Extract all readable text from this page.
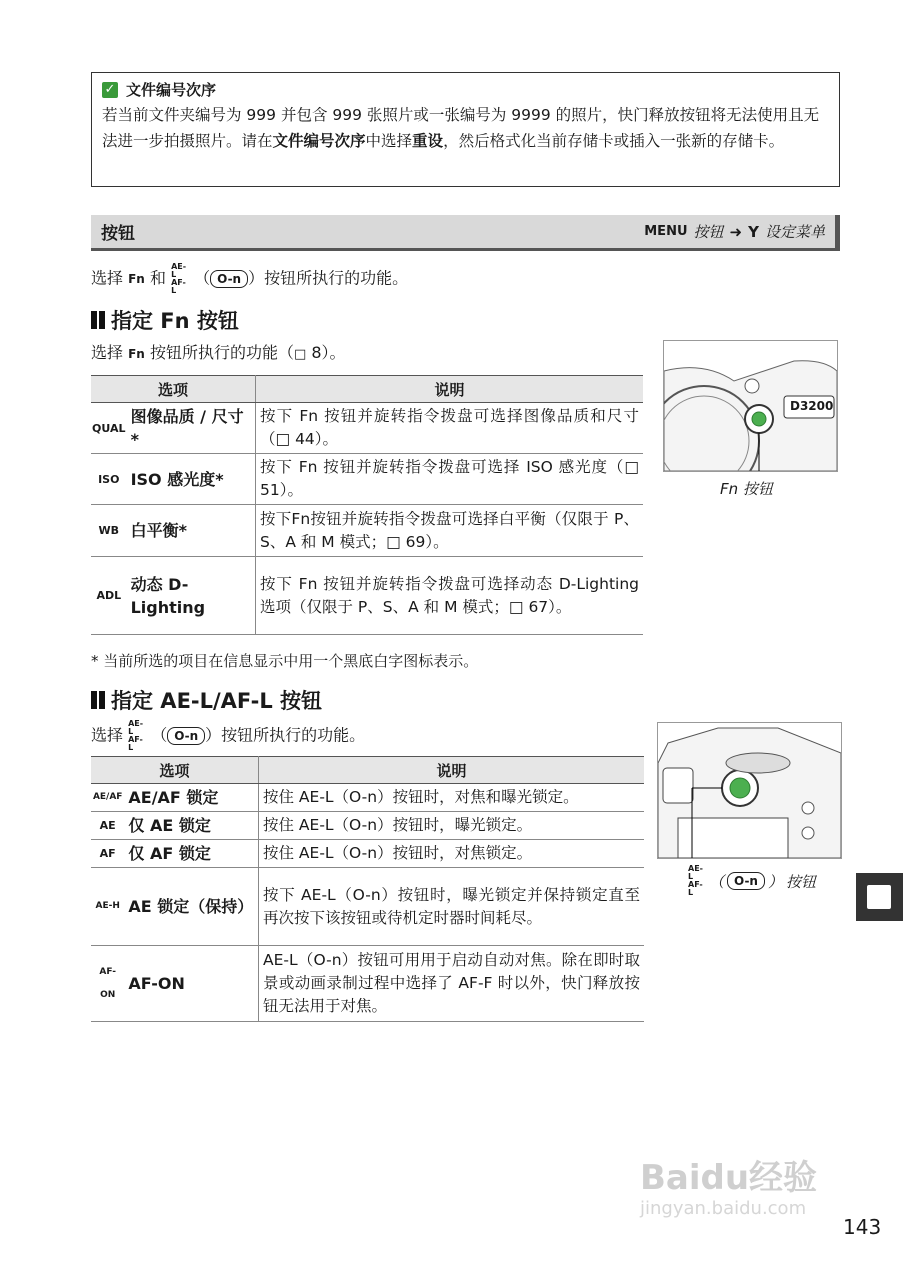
✓ 文件编号次序
若当前文件夹编号为 999 并包含 999 张照片或一张编号为 9999 的照片，快门释放按钮将无法使用且无法进一步拍摄照片。请在文件编号次序中选择重设，然后格式化当前存储卡或插入一张新的存储卡。
按钮	MENU 按钮 ➜ Y 设定菜单
选择 Fn 和 AE-L AF-L （ O-n ）按钮所执行的功能。
指定 Fn 按钮
选择 Fn 按钮所执行的功能（□ 8）。
选项		说明
QUAL	图像品质 / 尺寸*	按下 Fn 按钮并旋转指令拨盘可选择图像品质和尺寸（□ 44）。
ISO	ISO 感光度*	按下 Fn 按钮并旋转指令拨盘可选择 ISO 感光度（□ 51）。
WB	白平衡*	按下Fn按钮并旋转指令拨盘可选择白平衡（仅限于 P、S、A 和 M 模式；□ 69）。
ADL	动态 D-Lighting	按下 Fn 按钮并旋转指令拨盘可选择动态 D-Lighting 选项（仅限于 P、S、A 和 M 模式；□ 67）。
D3200
Fn 按钮
* 当前所选的项目在信息显示中用一个黑底白字图标表示。
指定 AE-L/AF-L 按钮
选择 AE-L AF-L （ O-n ）按钮所执行的功能。
选项		说明
AE/AF	AE/AF 锁定	按住 AE-L（O-n）按钮时，对焦和曝光锁定。
AE	仅 AE 锁定	按住 AE-L（O-n）按钮时，曝光锁定。
AF	仅 AF 锁定	按住 AE-L（O-n）按钮时，对焦锁定。
AE-H	AE 锁定（保持）	按下 AE-L（O-n）按钮时，曝光锁定并保持锁定直至再次按下该按钮或待机定时器时间耗尽。
AF-ON	AF-ON	AE-L（O-n）按钮可用用于启动自动对焦。除在即时取景或动画录制过程中选择了 AF-F 时以外，快门释放按钮无法用于对焦。
AE-L AF-L
（ O-n ） 按钮
Baidu经验
jingyan.baidu.com
143
